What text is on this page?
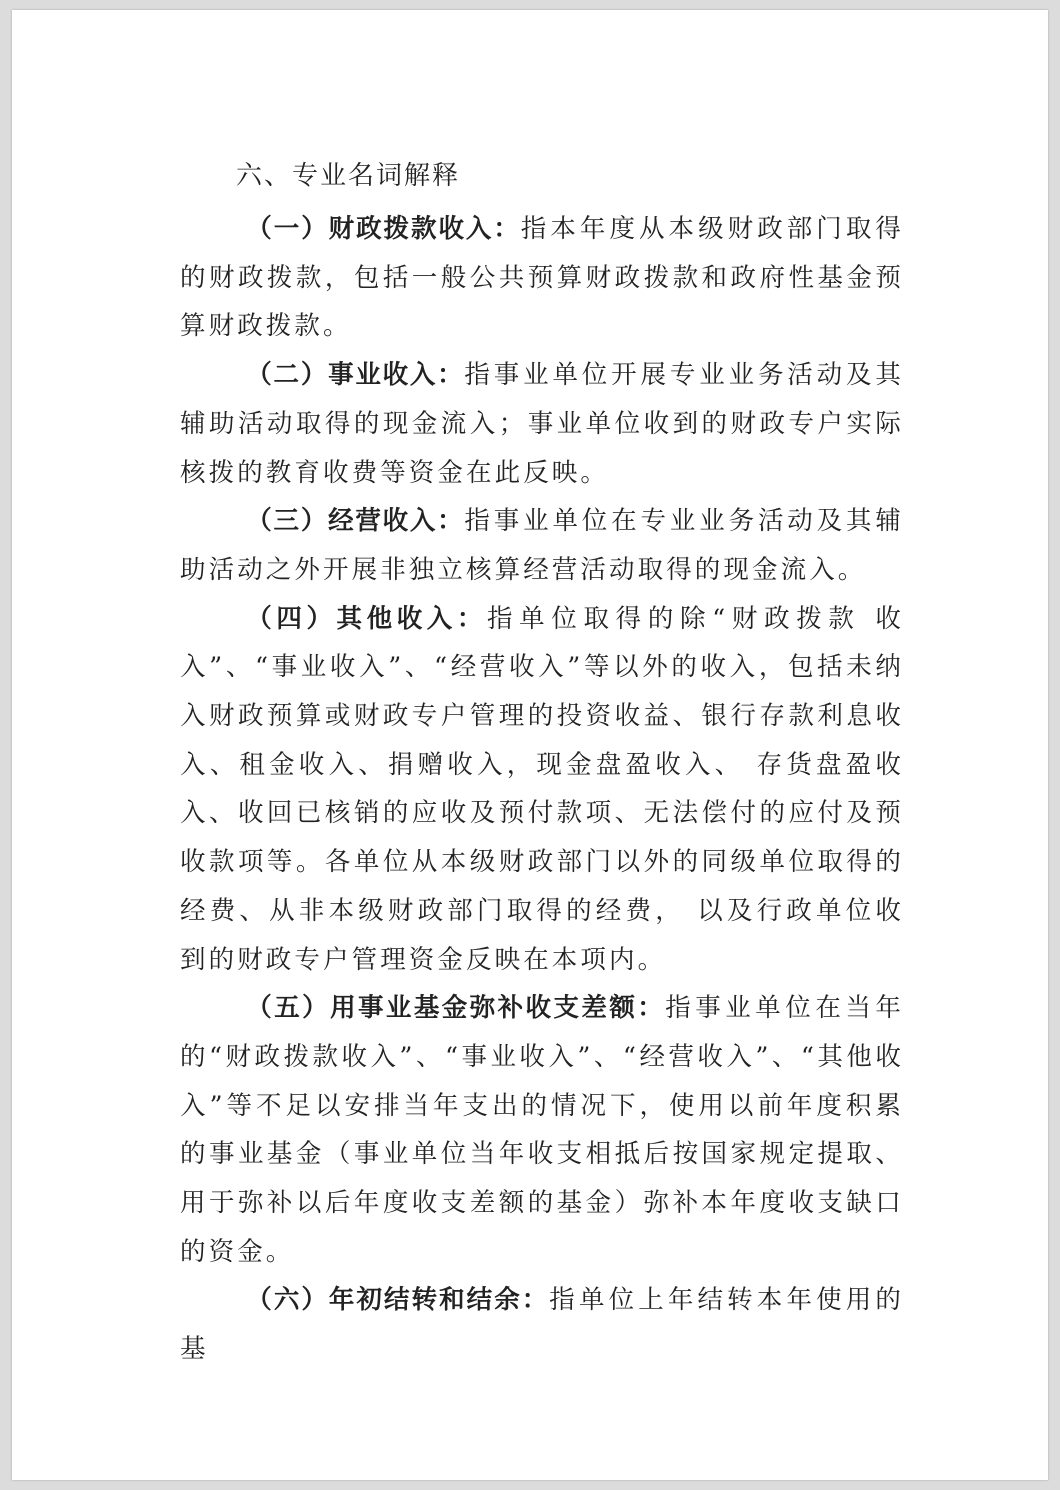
六、专业名词解释

（一）财政拨款收入：指本年度从本级财政部门取得的财政拨款，包括一般公共预算财政拨款和政府性基金预算财政拨款。

（二）事业收入：指事业单位开展专业业务活动及其辅助活动取得的现金流入；事业单位收到的财政专户实际核拨的教育收费等资金在此反映。

（三）经营收入：指事业单位在专业业务活动及其辅助活动之外开展非独立核算经营活动取得的现金流入。

（四）其他收入：指单位取得的除“财政拨款 收入”、“事业收入”、“经营收入”等以外的收入，包括未纳入财政预算或财政专户管理的投资收益、银行存款利息收入、租金收入、捐赠收入，现金盘盈收入、 存货盘盈收入、收回已核销的应收及预付款项、无法偿付的应付及预收款项等。各单位从本级财政部门以外的同级单位取得的经费、从非本级财政部门取得的经费， 以及行政单位收到的财政专户管理资金反映在本项内。

（五）用事业基金弥补收支差额：指事业单位在当年的“财政拨款收入”、“事业收入”、“经营收入”、“其他收入”等不足以安排当年支出的情况下，使用以前年度积累的事业基金（事业单位当年收支相抵后按国家规定提取、用于弥补以后年度收支差额的基金）弥补本年度收支缺口的资金。

（六）年初结转和结余：指单位上年结转本年使用的基
